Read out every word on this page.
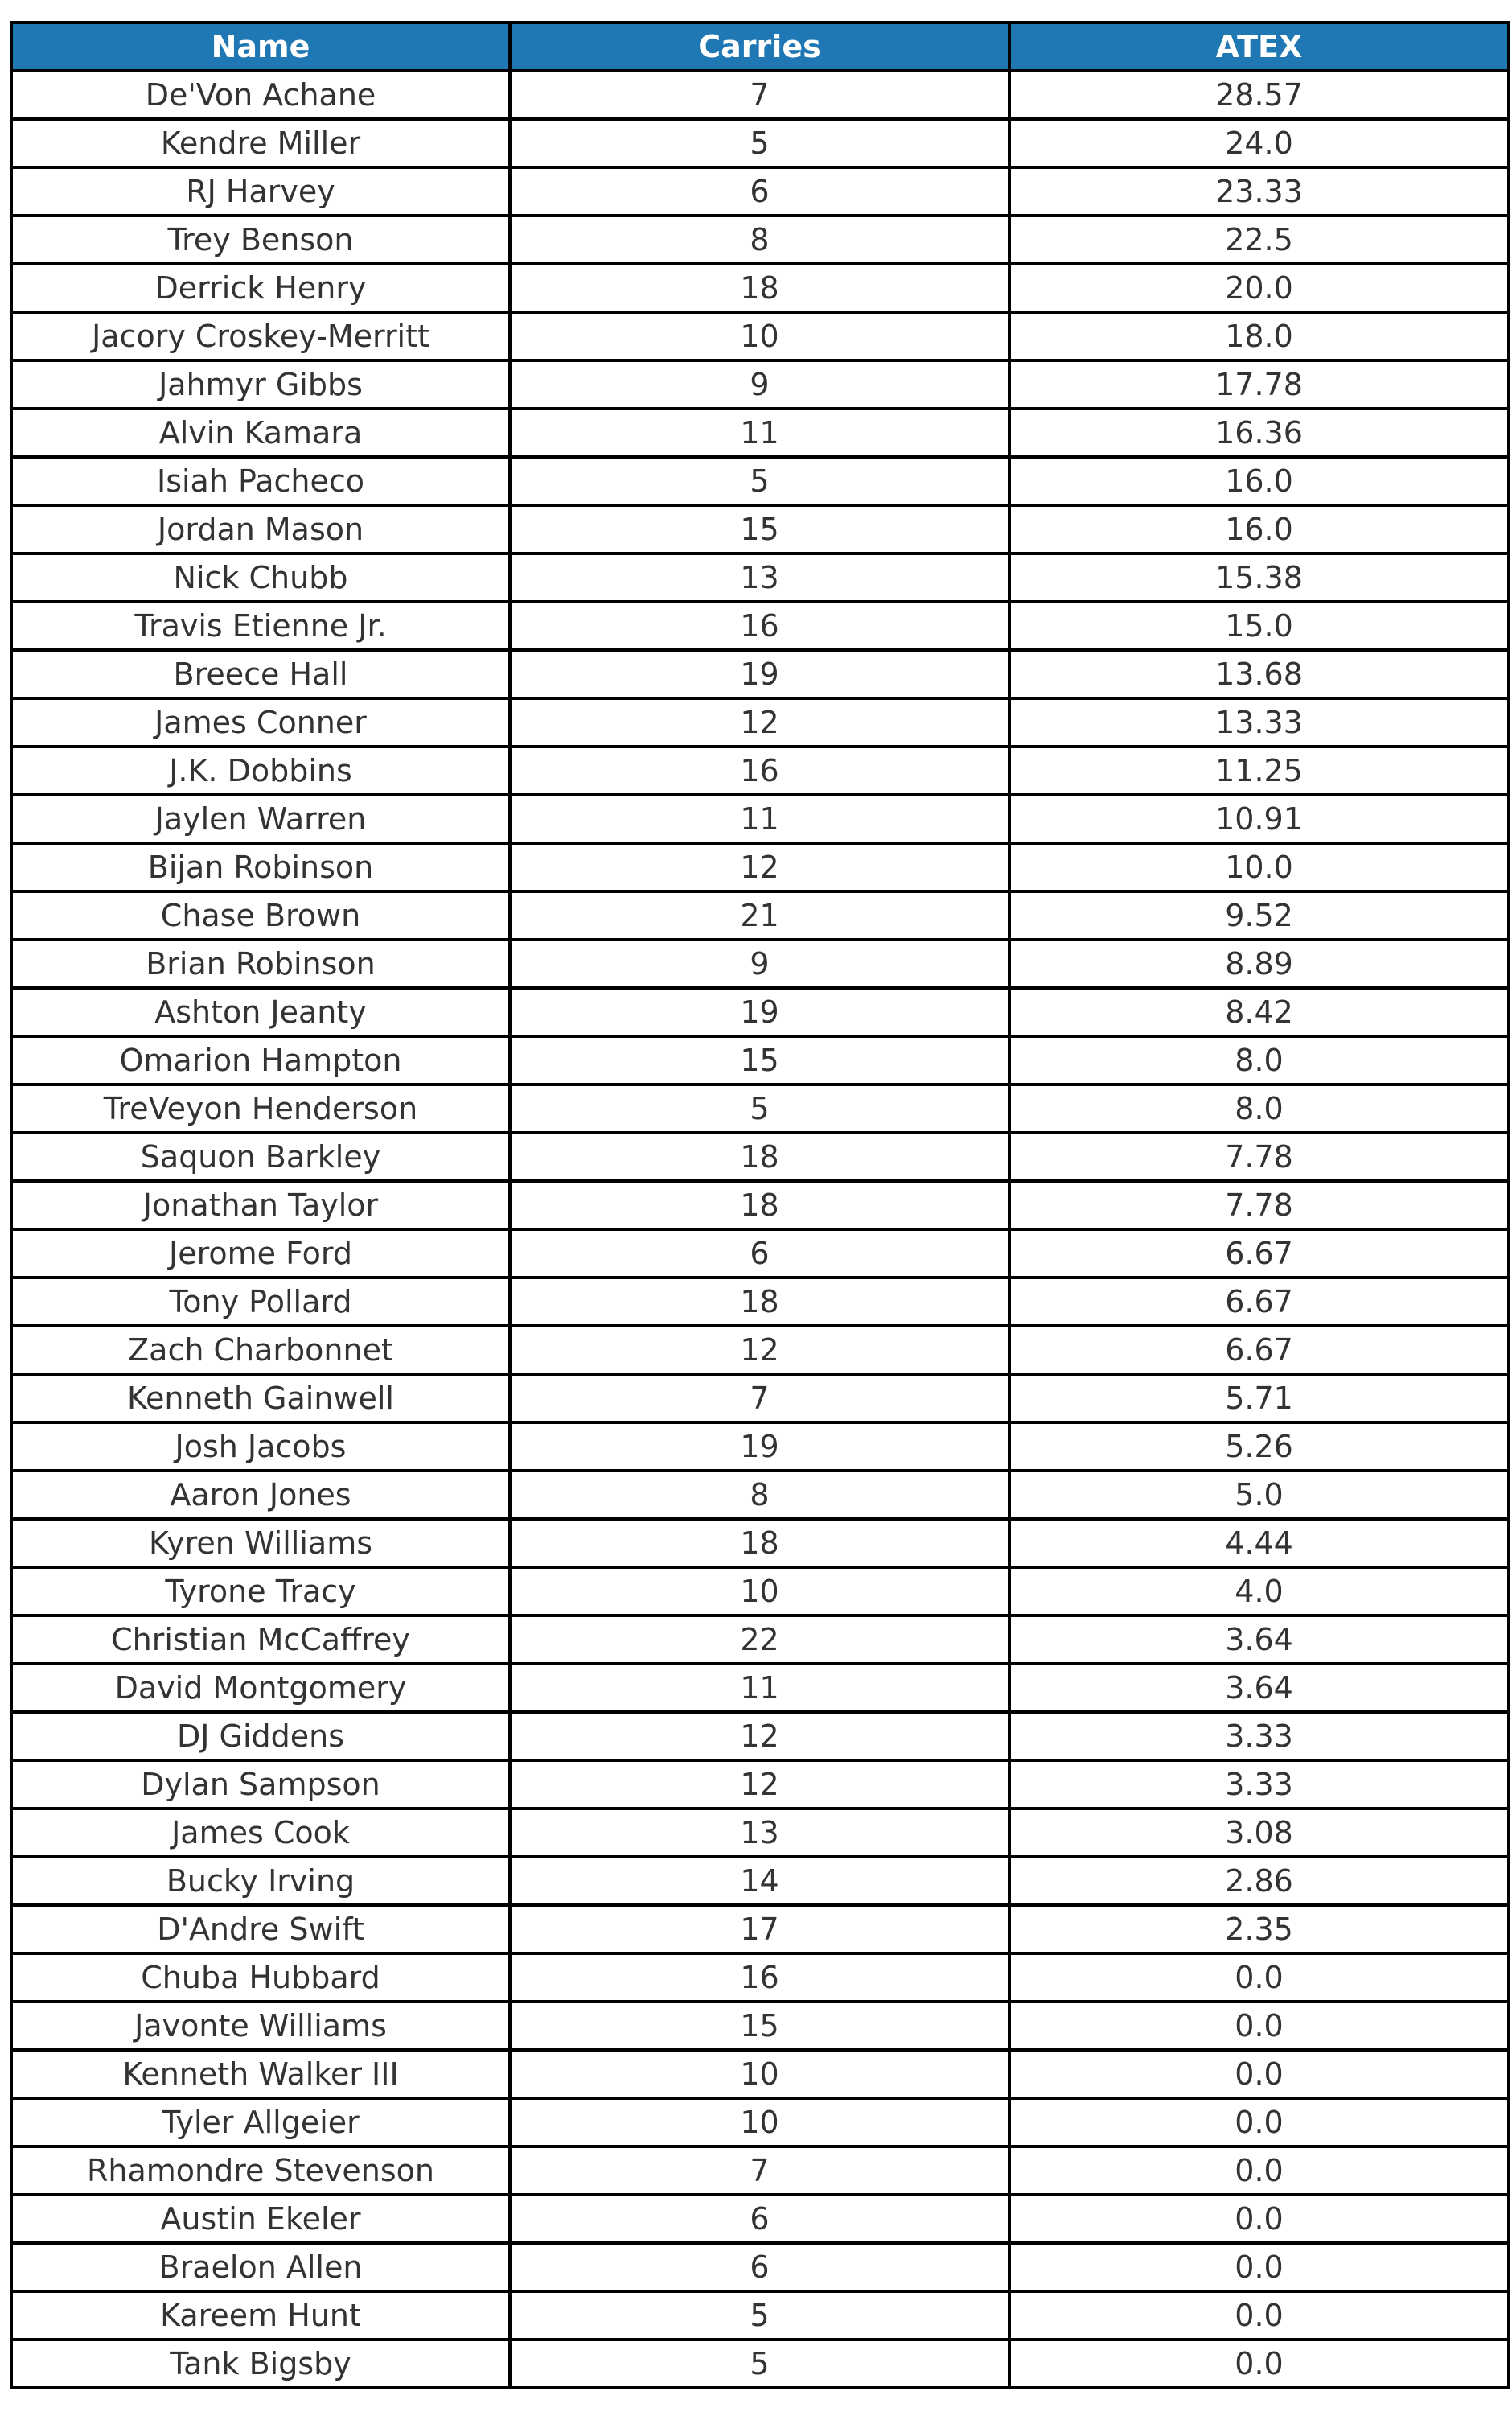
Name	Carries	ATEX
De'Von Achane	7	28.57
Kendre Miller	5	24.0
RJ Harvey	6	23.33
Trey Benson	8	22.5
Derrick Henry	18	20.0
Jacory Croskey-Merritt	10	18.0
Jahmyr Gibbs	9	17.78
Alvin Kamara	11	16.36
Isiah Pacheco	5	16.0
Jordan Mason	15	16.0
Nick Chubb	13	15.38
Travis Etienne Jr.	16	15.0
Breece Hall	19	13.68
James Conner	12	13.33
J.K. Dobbins	16	11.25
Jaylen Warren	11	10.91
Bijan Robinson	12	10.0
Chase Brown	21	9.52
Brian Robinson	9	8.89
Ashton Jeanty	19	8.42
Omarion Hampton	15	8.0
TreVeyon Henderson	5	8.0
Saquon Barkley	18	7.78
Jonathan Taylor	18	7.78
Jerome Ford	6	6.67
Tony Pollard	18	6.67
Zach Charbonnet	12	6.67
Kenneth Gainwell	7	5.71
Josh Jacobs	19	5.26
Aaron Jones	8	5.0
Kyren Williams	18	4.44
Tyrone Tracy	10	4.0
Christian McCaffrey	22	3.64
David Montgomery	11	3.64
DJ Giddens	12	3.33
Dylan Sampson	12	3.33
James Cook	13	3.08
Bucky Irving	14	2.86
D'Andre Swift	17	2.35
Chuba Hubbard	16	0.0
Javonte Williams	15	0.0
Kenneth Walker III	10	0.0
Tyler Allgeier	10	0.0
Rhamondre Stevenson	7	0.0
Austin Ekeler	6	0.0
Braelon Allen	6	0.0
Kareem Hunt	5	0.0
Tank Bigsby	5	0.0
